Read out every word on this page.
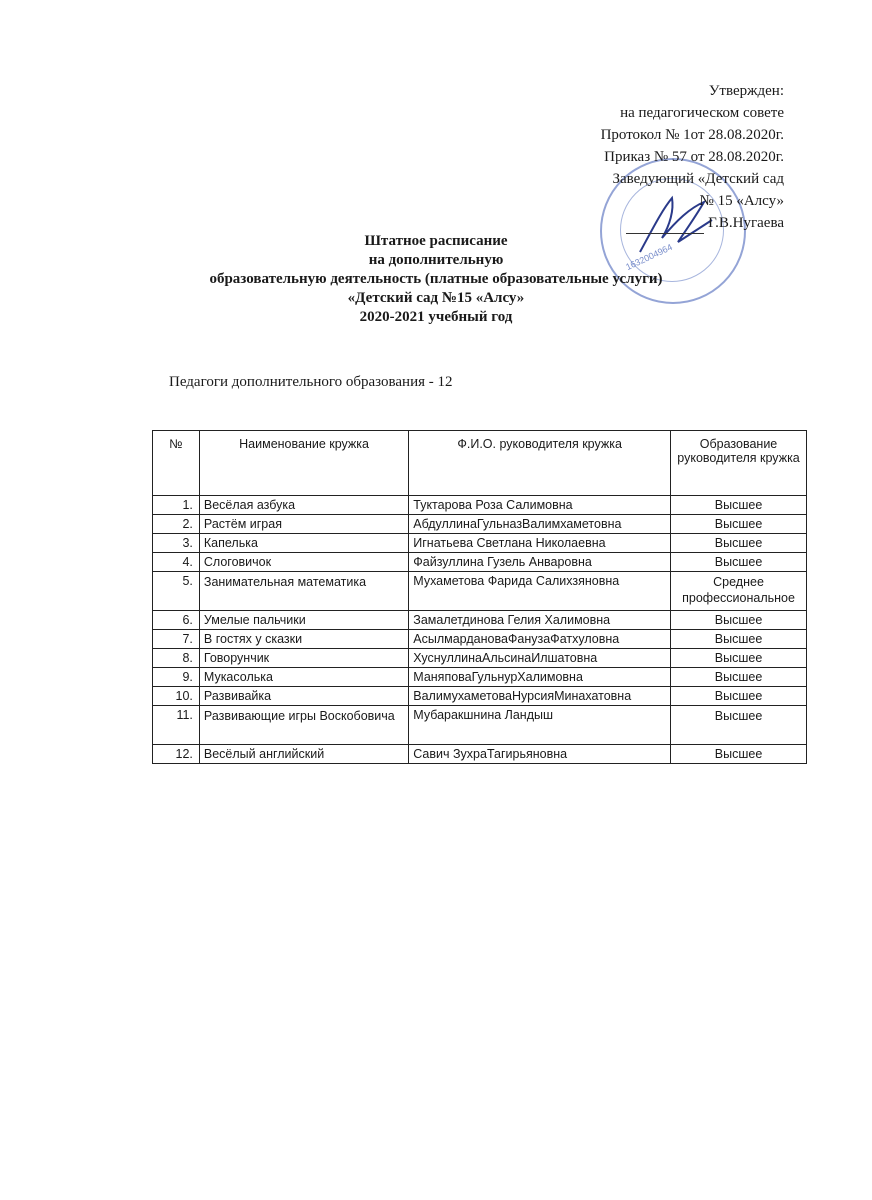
1632004964
Утвержден:
на педагогическом совете
Протокол № 1от 28.08.2020г.
Приказ № 57 от 28.08.2020г.
Заведующий «Детский сад
№ 15 «Алсу»
Г.В.Нугаева
Штатное расписание
на дополнительную
образовательную деятельность (платные образовательные услуги)
«Детский сад №15 «Алсу»
2020-2021 учебный год
Педагоги дополнительного образования - 12
№	Наименование кружка	Ф.И.О. руководителя кружка	Образование руководителя кружка
1.	Весёлая азбука	Туктарова Роза Салимовна	Высшее
2.	Растём играя	АбдуллинаГульназВалимхаметовна	Высшее
3.	Капелька	Игнатьева Светлана Николаевна	Высшее
4.	Слоговичок	Файзуллина Гузель Анваровна	Высшее
5.	Занимательная математика	Мухаметова Фарида Салихзяновна	Среднее профессиональное
6.	Умелые пальчики	Замалетдинова Гелия Халимовна	Высшее
7.	В гостях у сказки	АсылмардановаФанузаФатхуловна	Высшее
8.	Говорунчик	ХуснуллинаАльсинаИлшатовна	Высшее
9.	Мукасолька	МаняповаГульнурХалимовна	Высшее
10.	Развивайка	ВалимухаметоваНурсияМинахатовна	Высшее
11.	Развивающие игры Воскобовича	Мубаракшнина Ландыш	Высшее
12.	Весёлый английский	Савич ЗухраТагирьяновна	Высшее
